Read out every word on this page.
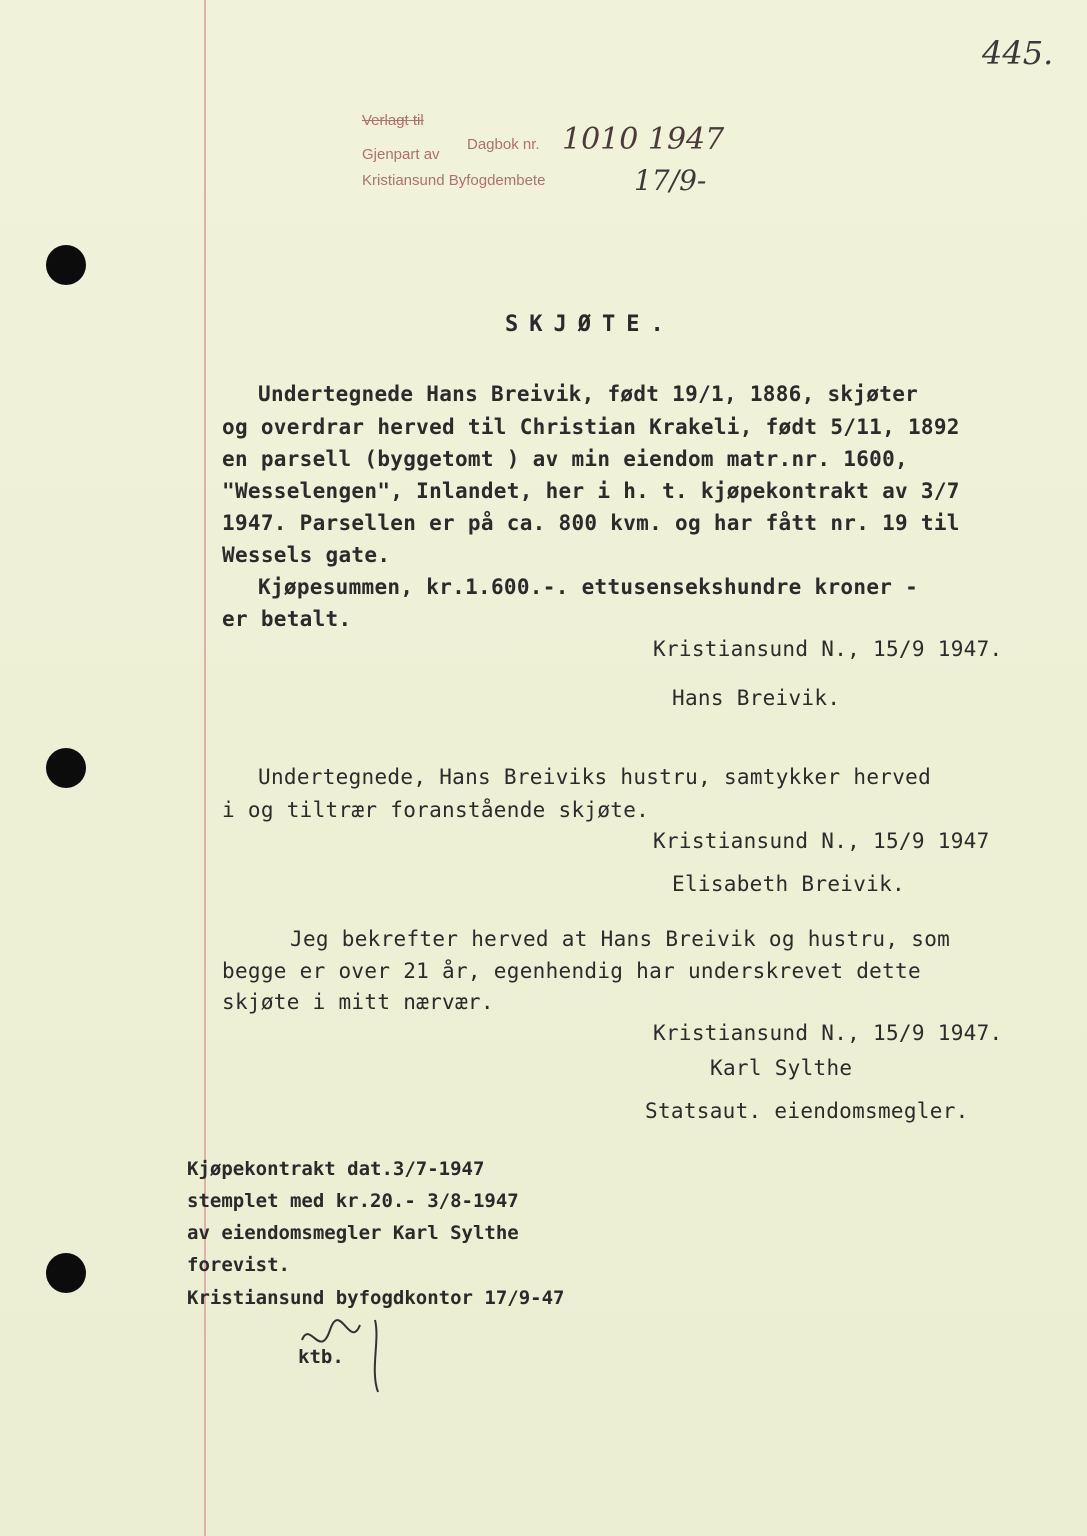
445.
Verlagt til
Dagbok nr. 1010 1947
Gjenpart av
Kristiansund Byfogdembete	17/9-
SKJØTE.
Undertegnede Hans Breivik, født 19/1, 1886, skjøter
og overdrar herved til Christian Krakeli, født 5/11, 1892
en parsell (byggetomt ) av min eiendom matr.nr. 1600,
"Wesselengen", Inlandet, her i h. t. kjøpekontrakt av 3/7
1947. Parsellen er på ca. 800 kvm. og har fått nr. 19 til
Wessels gate.
Kjøpesummen, kr.1.600.-. ettusensekshundre kroner -
er betalt.
Kristiansund N., 15/9 1947.
Hans Breivik.
Undertegnede, Hans Breiviks hustru, samtykker herved
i og tiltrær foranstående skjøte.
Kristiansund N., 15/9 1947
Elisabeth Breivik.
Jeg bekrefter herved at Hans Breivik og hustru, som
begge er over 21 år, egenhendig har underskrevet dette
skjøte i mitt nærvær.
Kristiansund N., 15/9 1947.
Karl Sylthe
Statsaut. eiendomsmegler.
Kjøpekontrakt dat.3/7-1947
stemplet med kr.20.- 3/8-1947
av eiendomsmegler Karl Sylthe
forevist.
Kristiansund byfogdkontor 17/9-47
ktb.
